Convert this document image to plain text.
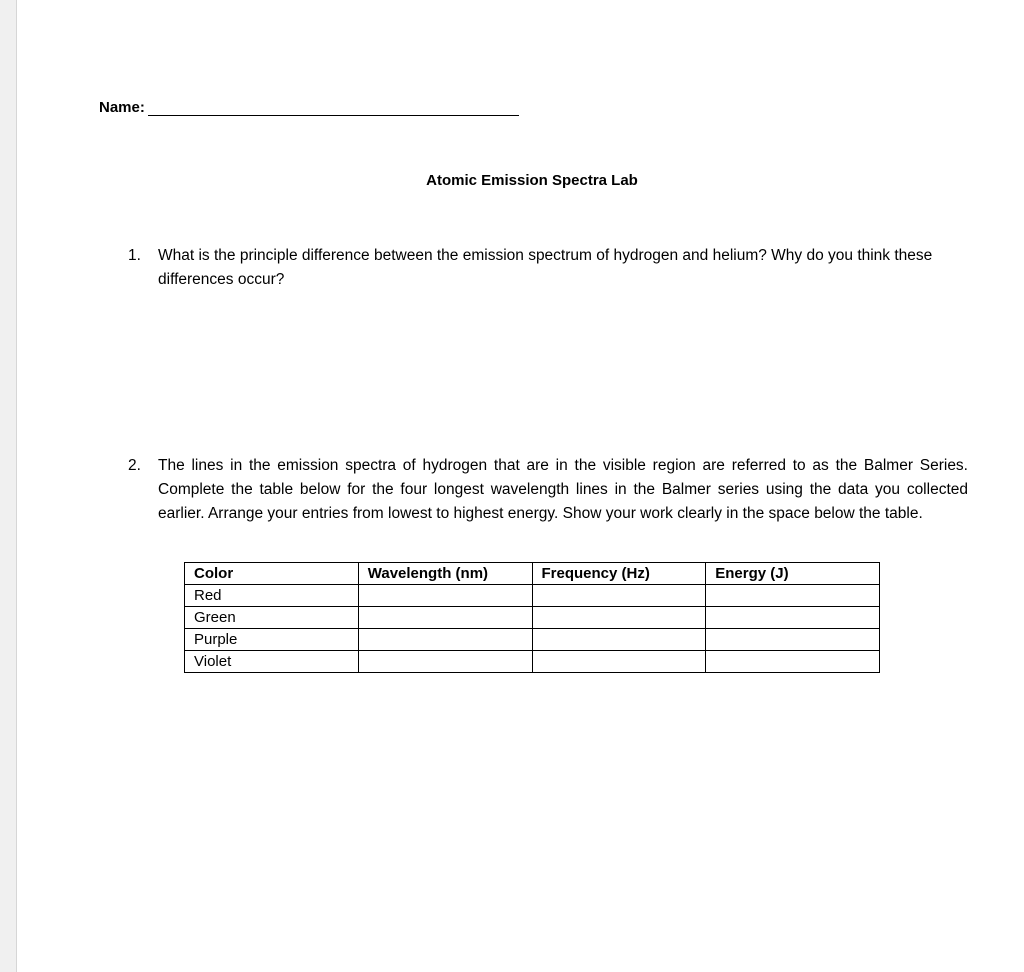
Name:
Atomic Emission Spectra Lab
1.	What is the principle difference between the emission spectrum of hydrogen and helium? Why do you think these differences occur?
2.	The lines in the emission spectra of hydrogen that are in the visible region are referred to as the Balmer Series. Complete the table below for the four longest wavelength lines in the Balmer series using the data you collected earlier. Arrange your entries from lowest to highest energy. Show your work clearly in the space below the table.
Color	Wavelength (nm)	Frequency (Hz)	Energy (J)
Red			
Green			
Purple			
Violet			
